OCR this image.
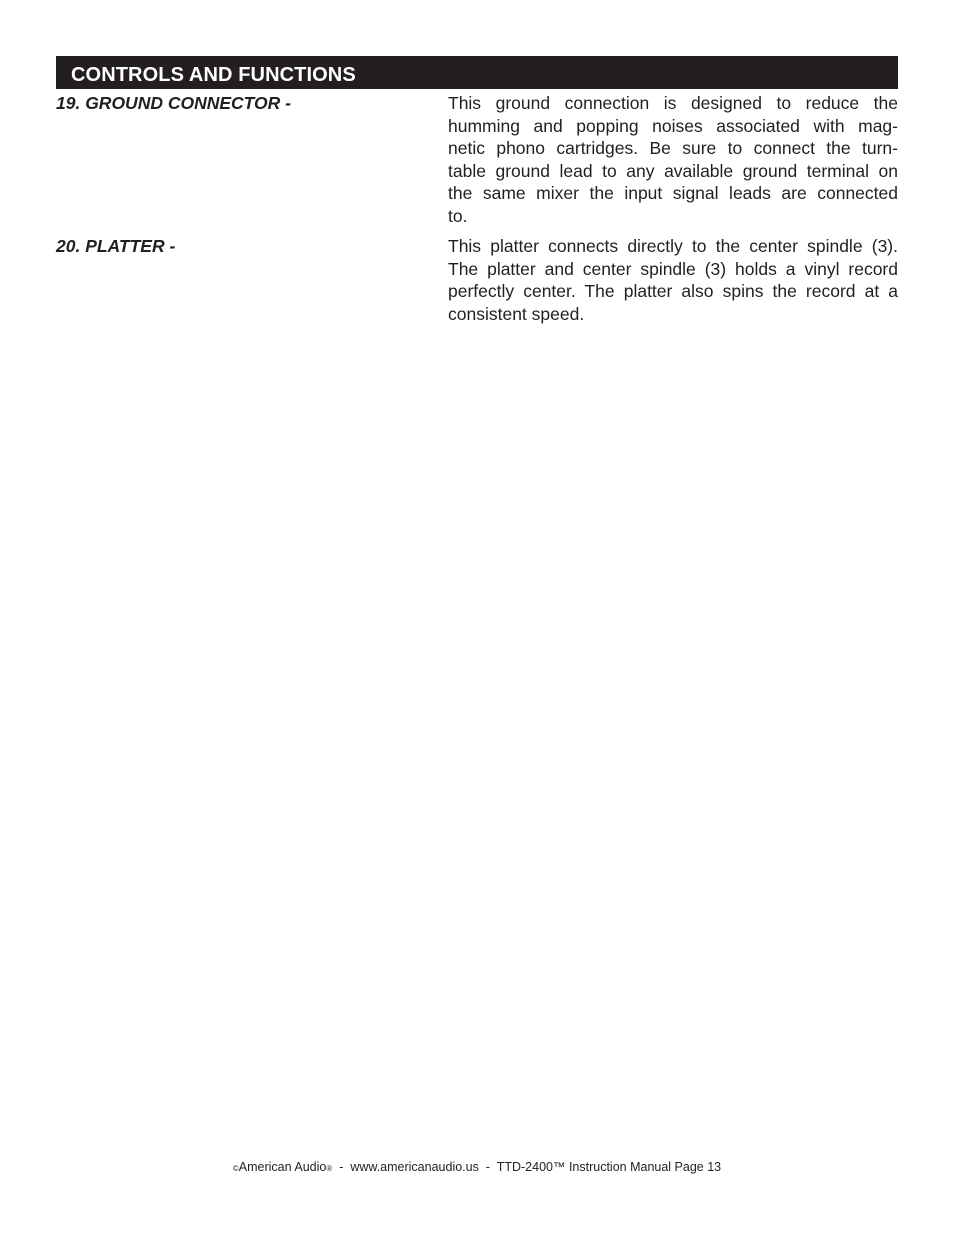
CONTROLS AND FUNCTIONS
19. GROUND CONNECTOR -	This ground connection is designed to reduce the
humming and popping noises associated with mag-
netic phono cartridges. Be sure to connect the turn-
table ground lead to any available ground terminal on
the same mixer the input signal leads are connected
to.
20. PLATTER -	This platter connects directly to the center spindle (3).
The platter and center spindle (3) holds a vinyl record
perfectly center. The platter also spins the record at a
consistent speed.
©American Audio®  -  www.americanaudio.us  -  TTD-2400™ Instruction Manual Page 13
